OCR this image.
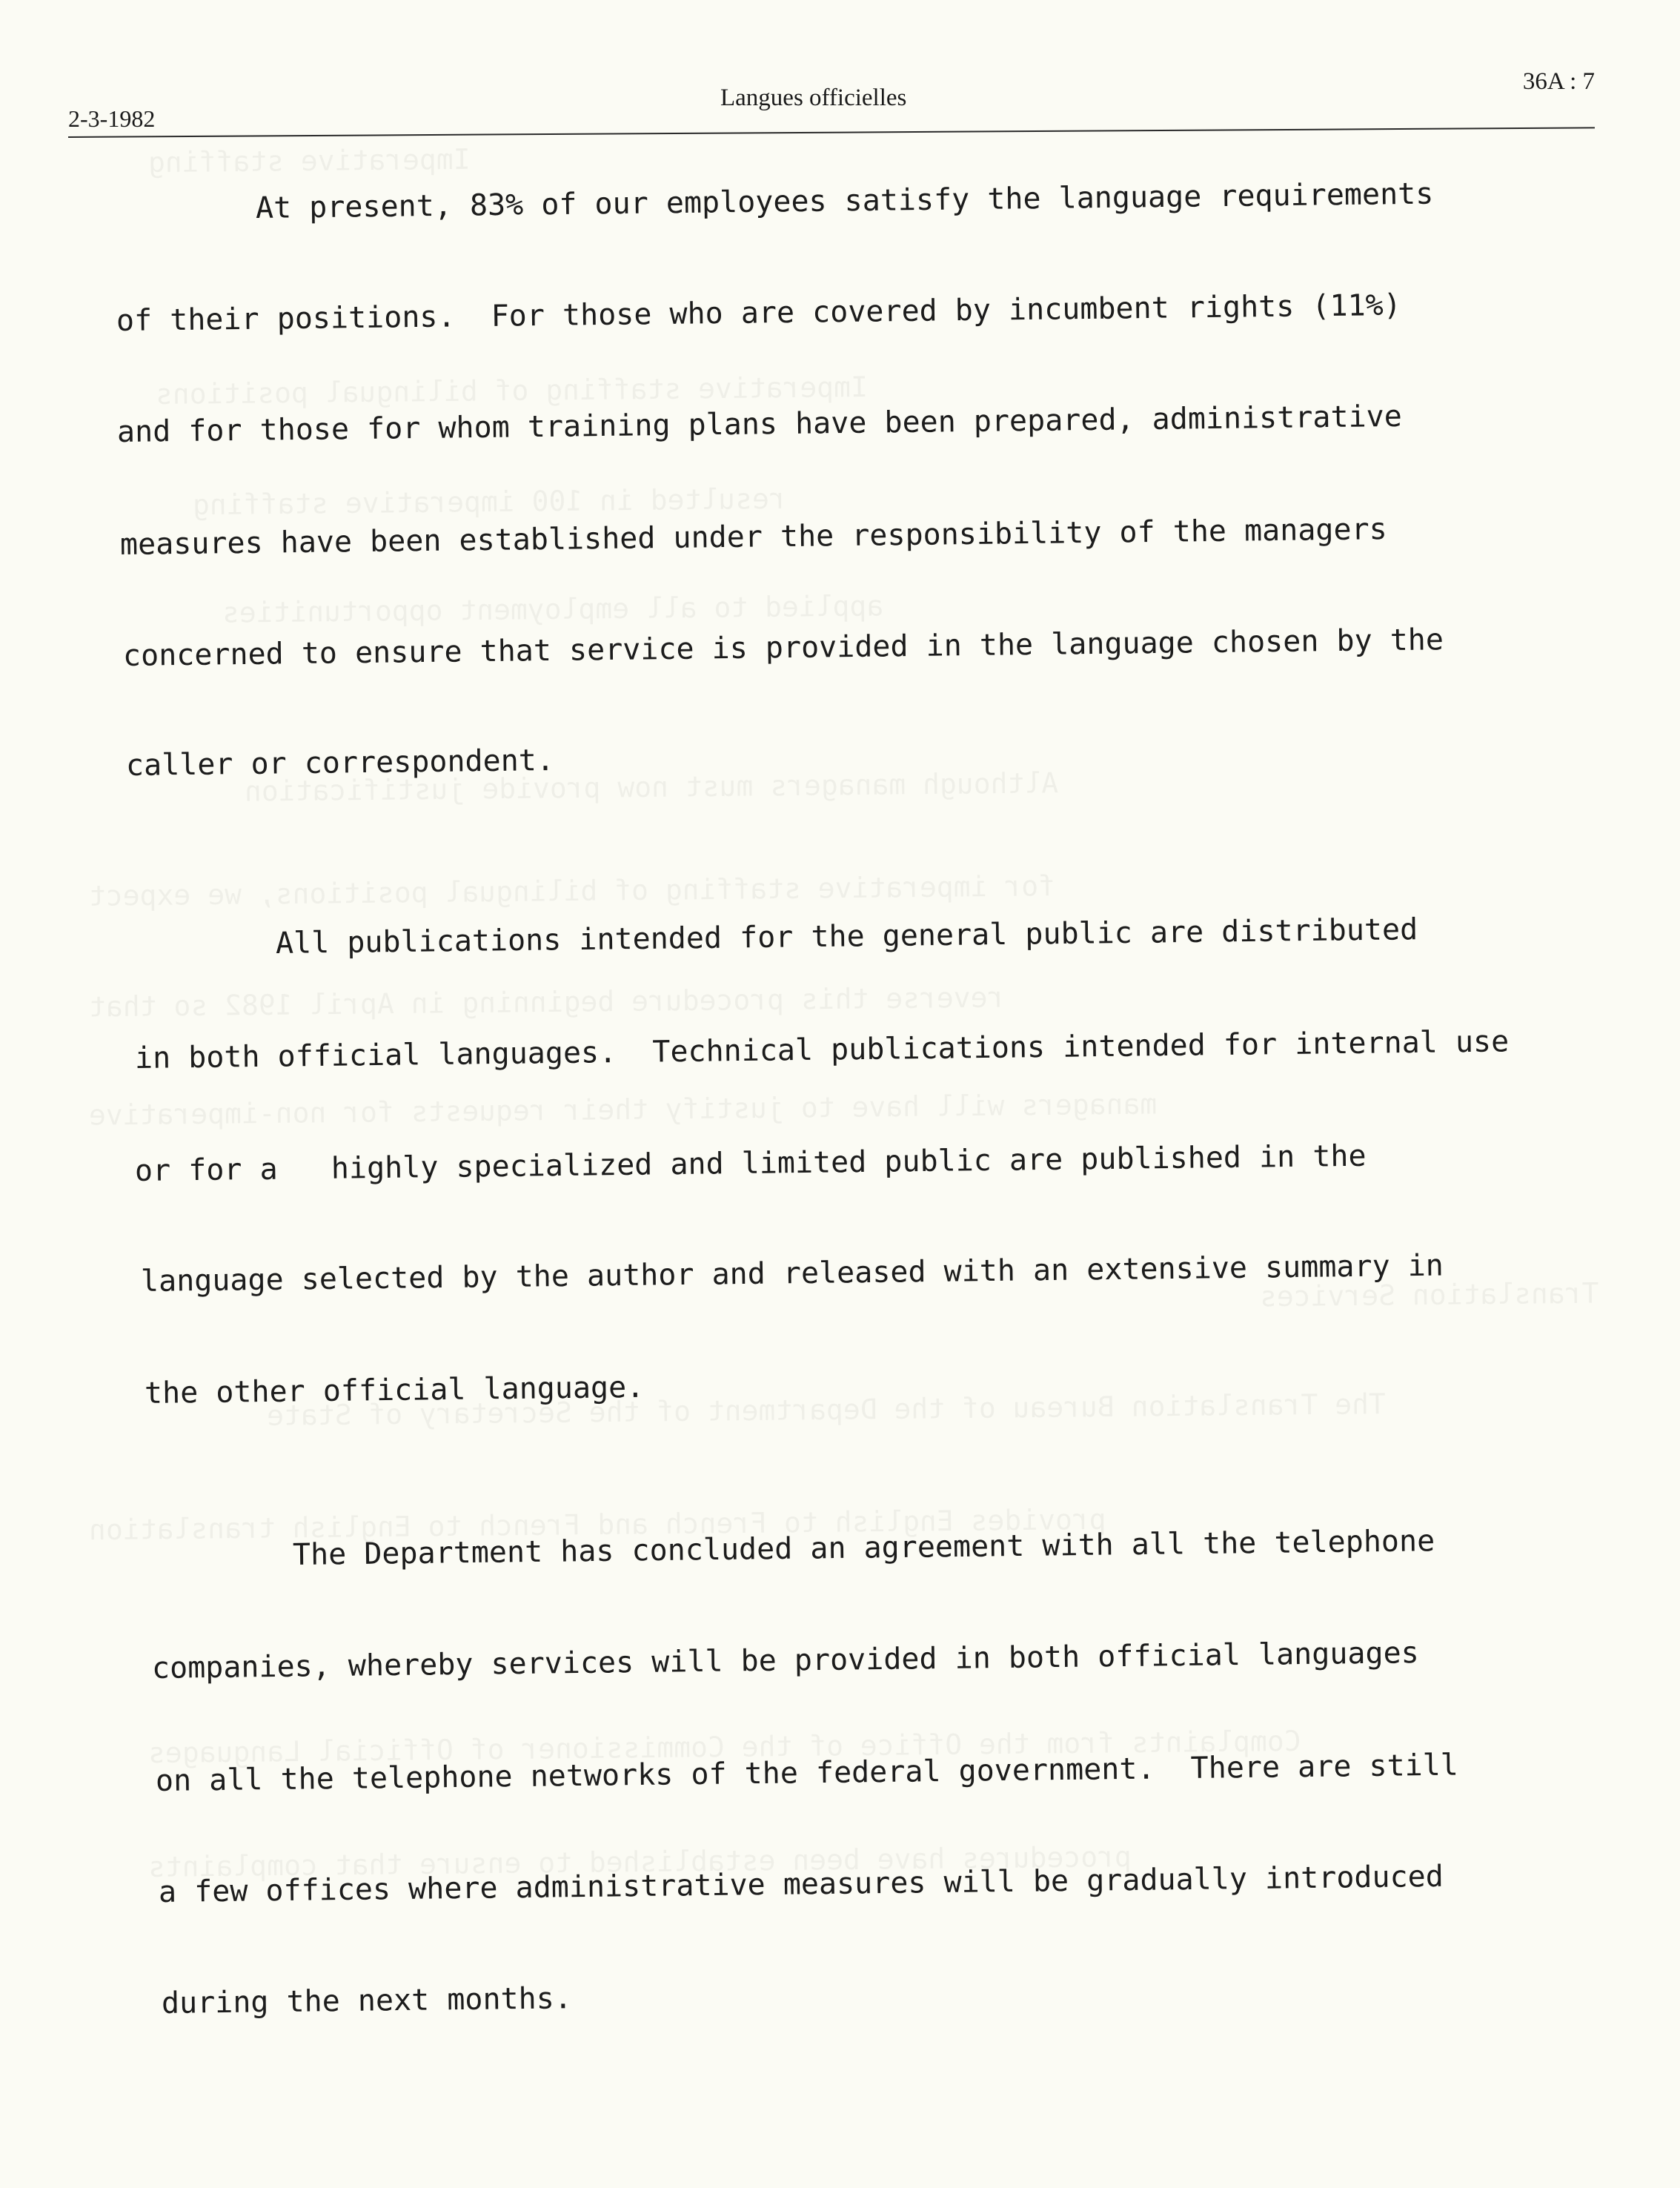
2-3-1982
Langues officielles
36A : 7
At present, 83% of our employees satisfy the language requirements
of their positions.  For those who are covered by incumbent rights (11%)
and for those for whom training plans have been prepared, administrative
measures have been established under the responsibility of the managers
concerned to ensure that service is provided in the language chosen by the
caller or correspondent.
All publications intended for the general public are distributed
in both official languages.  Technical publications intended for internal use
or for a   highly specialized and limited public are published in the
language selected by the author and released with an extensive summary in
the other official language.
The Department has concluded an agreement with all the telephone
companies, whereby services will be provided in both official languages
on all the telephone networks of the federal government.  There are still
a few offices where administrative measures will be gradually introduced
during the next months.
